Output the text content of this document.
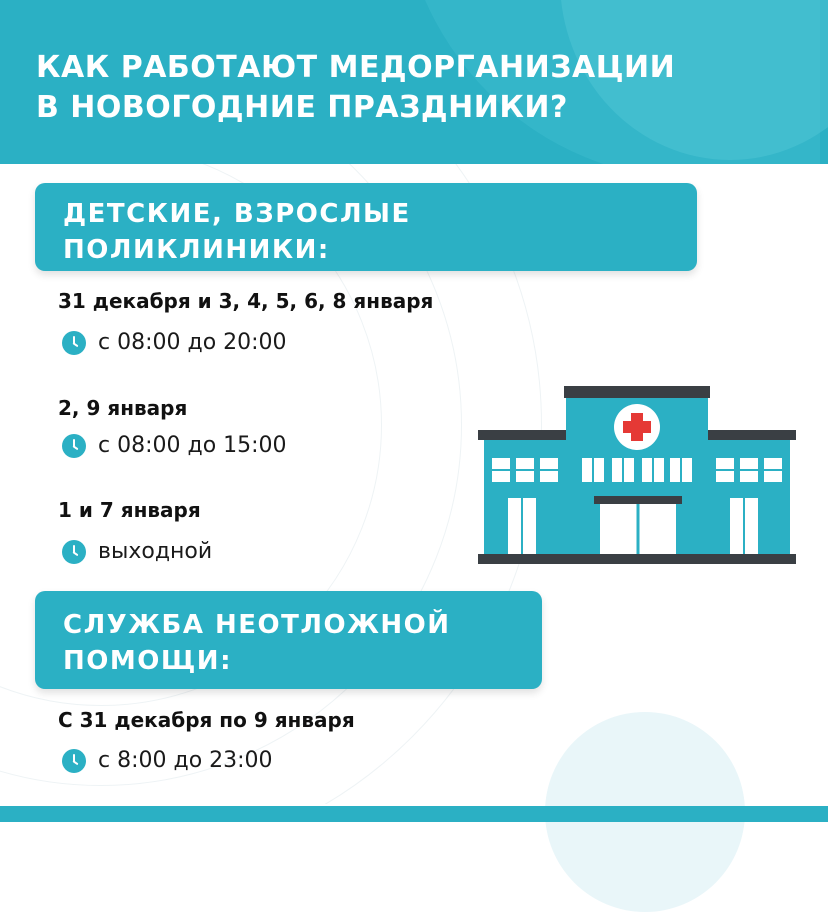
КАК РАБОТАЮТ МЕДОРГАНИЗАЦИИ
В НОВОГОДНИЕ ПРАЗДНИКИ?
ДЕТСКИЕ, ВЗРОСЛЫЕ
ПОЛИКЛИНИКИ:

31 декабря и 3, 4, 5, 6, 8 января

с 08:00 до 20:00

2, 9 января

с 08:00 до 15:00

1 и 7 января

выходной
СЛУЖБА НЕОТЛОЖНОЙ
ПОМОЩИ:

С 31 декабря по 9 января

с 8:00 до 23:00
